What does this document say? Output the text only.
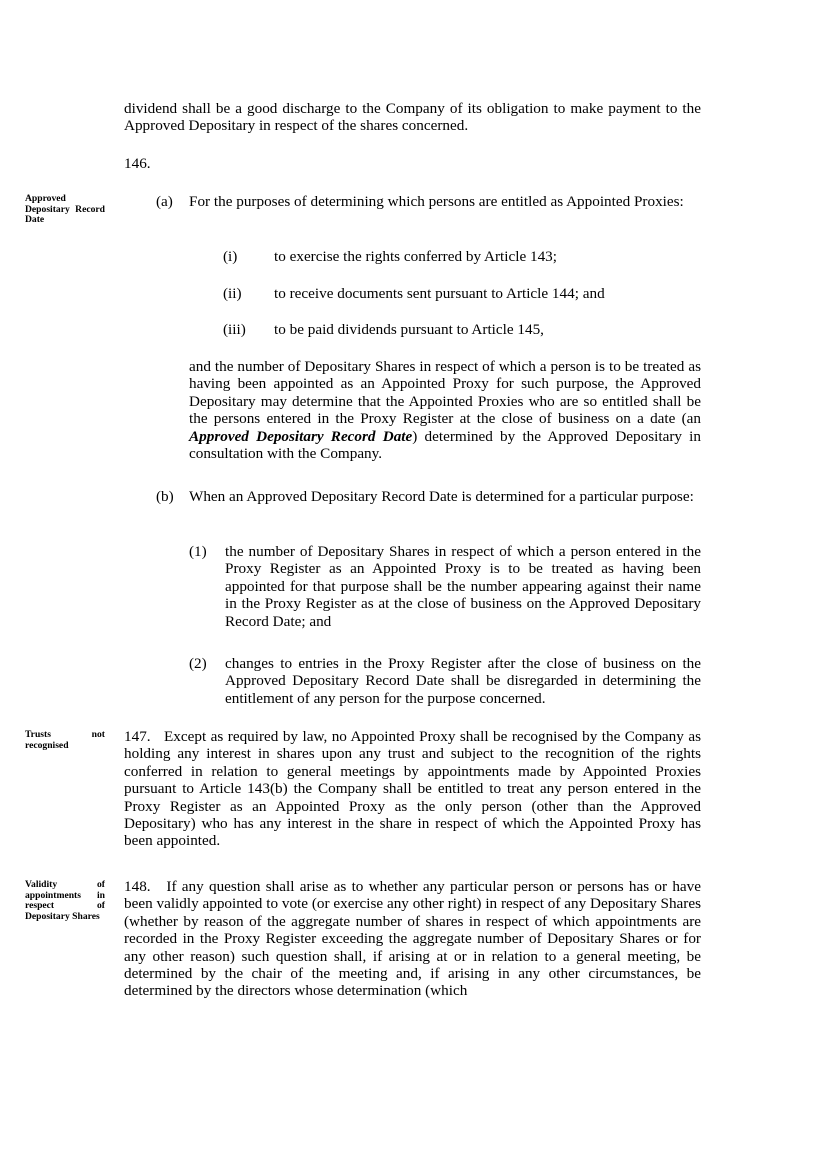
dividend shall be a good discharge to the Company of its obligation to make payment to the Approved Depositary in respect of the shares concerned.

146.

Approved Depositary Record Date

(a) For the purposes of determining which persons are entitled as Appointed Proxies:

(i) to exercise the rights conferred by Article 143;
(ii) to receive documents sent pursuant to Article 144; and
(iii) to be paid dividends pursuant to Article 145,

and the number of Depositary Shares in respect of which a person is to be treated as having been appointed as an Appointed Proxy for such purpose, the Approved Depositary may determine that the Appointed Proxies who are so entitled shall be the persons entered in the Proxy Register at the close of business on a date (an Approved Depositary Record Date) determined by the Approved Depositary in consultation with the Company.

(b) When an Approved Depositary Record Date is determined for a particular purpose:

(1) the number of Depositary Shares in respect of which a person entered in the Proxy Register as an Appointed Proxy is to be treated as having been appointed for that purpose shall be the number appearing against their name in the Proxy Register as at the close of business on the Approved Depositary Record Date; and

(2) changes to entries in the Proxy Register after the close of business on the Approved Depositary Record Date shall be disregarded in determining the entitlement of any person for the purpose concerned.

Trusts not recognised

147.   Except as required by law, no Appointed Proxy shall be recognised by the Company as holding any interest in shares upon any trust and subject to the recognition of the rights conferred in relation to general meetings by appointments made by Appointed Proxies pursuant to Article 143(b) the Company shall be entitled to treat any person entered in the Proxy Register as an Appointed Proxy as the only person (other than the Approved Depositary) who has any interest in the share in respect of which the Appointed Proxy has been appointed.

Validity of appointments in respect of Depositary Shares

148.   If any question shall arise as to whether any particular person or persons has or have been validly appointed to vote (or exercise any other right) in respect of any Depositary Shares (whether by reason of the aggregate number of shares in respect of which appointments are recorded in the Proxy Register exceeding the aggregate number of Depositary Shares or for any other reason) such question shall, if arising at or in relation to a general meeting, be determined by the chair of the meeting and, if arising in any other circumstances, be determined by the directors whose determination (which
